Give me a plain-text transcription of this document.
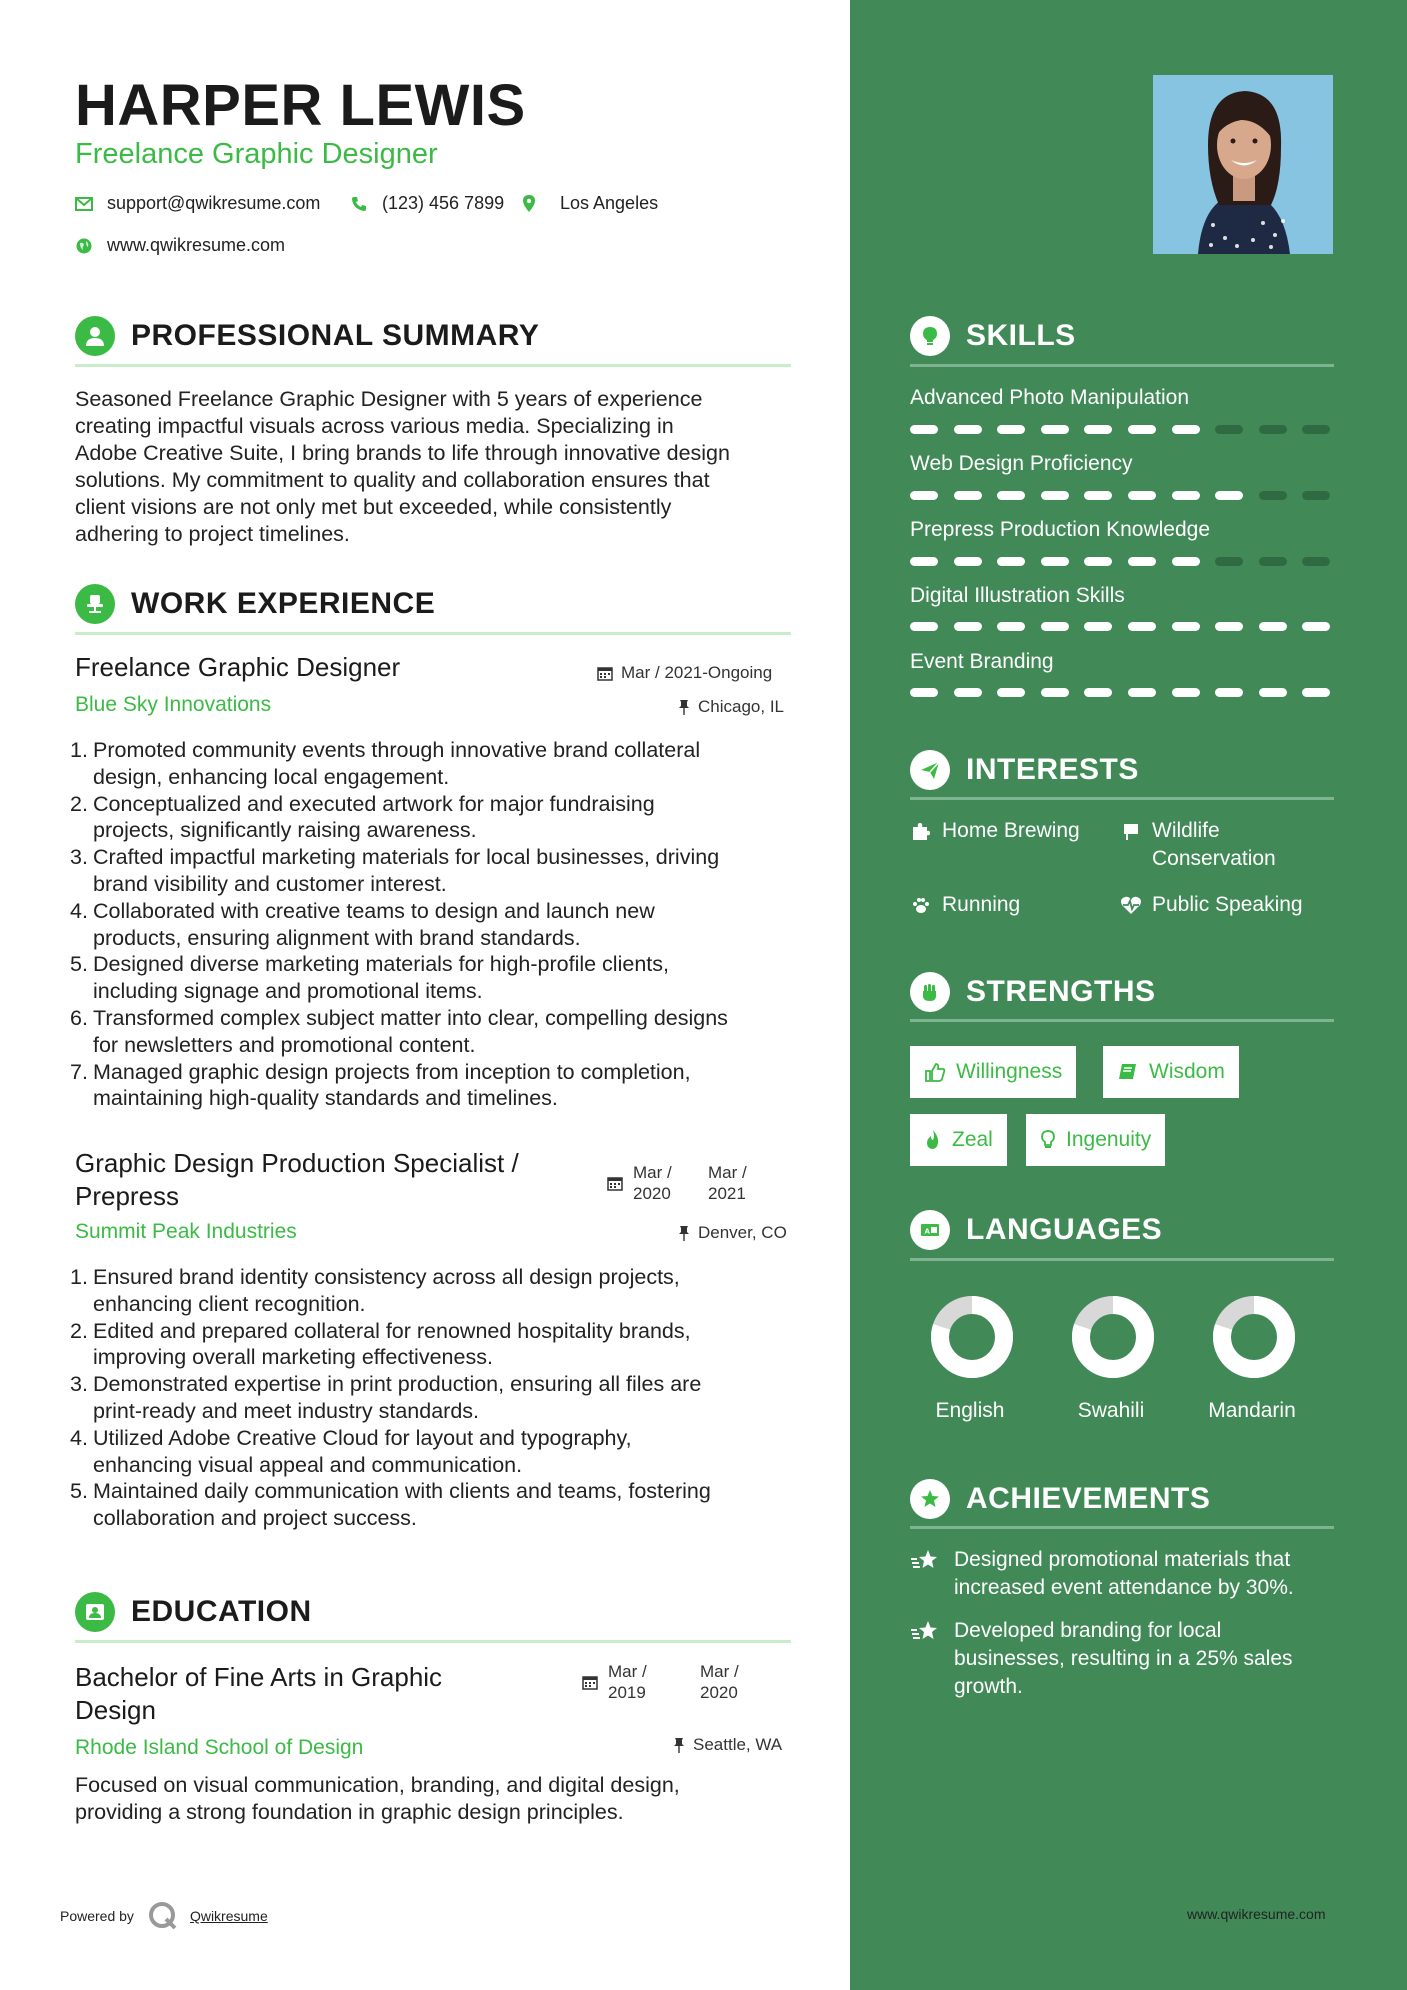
HARPER LEWIS
Freelance Graphic Designer
support@qwikresume.com	(123) 456 7899	Los Angeles
www.qwikresume.com
PROFESSIONAL SUMMARY
Seasoned Freelance Graphic Designer with 5 years of experience
creating impactful visuals across various media. Specializing in
Adobe Creative Suite, I bring brands to life through innovative design
solutions. My commitment to quality and collaboration ensures that
client visions are not only met but exceeded, while consistently
adhering to project timelines.
WORK EXPERIENCE
Freelance Graphic Designer	Mar / 2021-Ongoing
Blue Sky Innovations	Chicago, IL
1. Promoted community events through innovative brand collateral
design, enhancing local engagement.
2. Conceptualized and executed artwork for major fundraising
projects, significantly raising awareness.
3. Crafted impactful marketing materials for local businesses, driving
brand visibility and customer interest.
4. Collaborated with creative teams to design and launch new
products, ensuring alignment with brand standards.
5. Designed diverse marketing materials for high-profile clients,
including signage and promotional items.
6. Transformed complex subject matter into clear, compelling designs
for newsletters and promotional content.
7. Managed graphic design projects from inception to completion,
maintaining high-quality standards and timelines.
Graphic Design Production Specialist /
Prepress
Mar /
2020
Mar /
2021
Summit Peak Industries	Denver, CO
1. Ensured brand identity consistency across all design projects,
enhancing client recognition.
2. Edited and prepared collateral for renowned hospitality brands,
improving overall marketing effectiveness.
3. Demonstrated expertise in print production, ensuring all files are
print-ready and meet industry standards.
4. Utilized Adobe Creative Cloud for layout and typography,
enhancing visual appeal and communication.
5. Maintained daily communication with clients and teams, fostering
collaboration and project success.
EDUCATION
Bachelor of Fine Arts in Graphic
Design
Mar /
2019
Mar /
2020
Rhode Island School of Design	Seattle, WA
Focused on visual communication, branding, and digital design,
providing a strong foundation in graphic design principles.
Powered by	Qwikresume	www.qwikresume.com
SKILLS
Advanced Photo Manipulation
Web Design Proficiency
Prepress Production Knowledge
Digital Illustration Skills
Event Branding
INTERESTS
Home Brewing	Wildlife
Conservation
Running	Public Speaking
STRENGTHS
Willingness	Wisdom
Zeal	Ingenuity
A LANGUAGES
English	Swahili	Mandarin
ACHIEVEMENTS
Designed promotional materials that
increased event attendance by 30%.
Developed branding for local
businesses, resulting in a 25% sales
growth.
